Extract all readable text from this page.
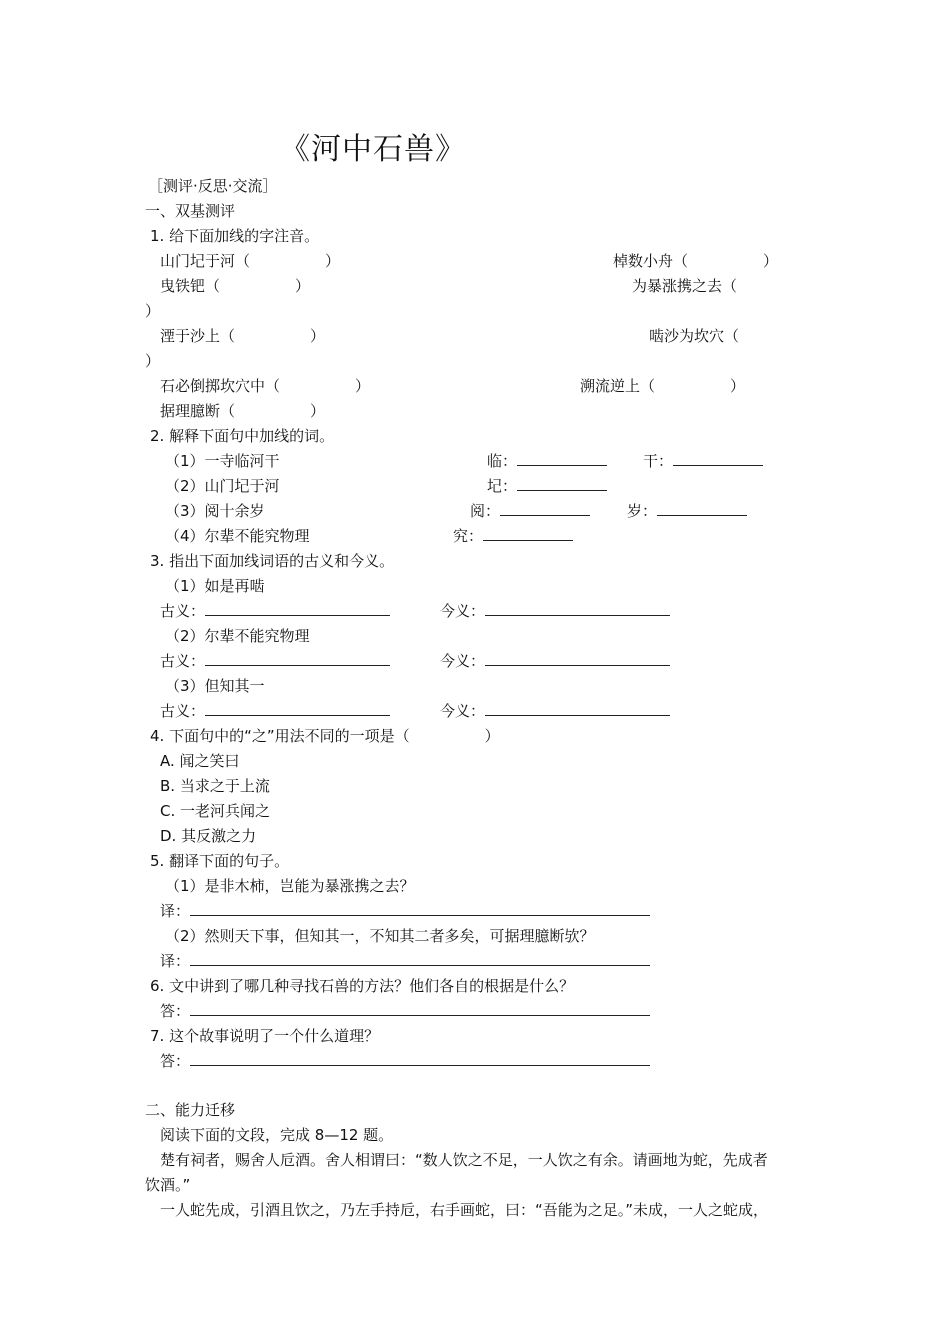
《河中石兽》
［测评·反思·交流］
一、双基测评
1. 给下面加线的字注音。
山门圮于河（　　　　　）	棹数小舟（　　　　　）
曳铁钯（　　　　　）	为暴涨携之去（
）
湮于沙上（　　　　　）	啮沙为坎穴（
）
石必倒掷坎穴中（　　　　　）	溯流逆上（　　　　　）
据理臆断（　　　　　）
2. 解释下面句中加线的词。
（1）一寺临河干	临：	干：
（2）山门圮于河	圮：
（3）阅十余岁	阅：	岁：
（4）尔辈不能究物理	究：
3. 指出下面加线词语的古义和今义。
（1）如是再啮
古义：	今义：
（2）尔辈不能究物理
古义：	今义：
（3）但知其一
古义：	今义：
4. 下面句中的“之”用法不同的一项是（　　　　　）
A. 闻之笑曰
B. 当求之于上流
C. 一老河兵闻之
D. 其反激之力
5. 翻译下面的句子。
（1）是非木柿，岂能为暴涨携之去？
译：
（2）然则天下事，但知其一，不知其二者多矣，可据理臆断欤？
译：
6. 文中讲到了哪几种寻找石兽的方法？他们各自的根据是什么？
答：
7. 这个故事说明了一个什么道理？
答：
二、能力迁移
阅读下面的文段，完成 8—12 题。
楚有祠者，赐舍人卮酒。舍人相谓曰：“数人饮之不足，一人饮之有余。请画地为蛇，先成者
饮酒。”
一人蛇先成，引酒且饮之，乃左手持卮，右手画蛇，曰：“吾能为之足。”未成，一人之蛇成，
